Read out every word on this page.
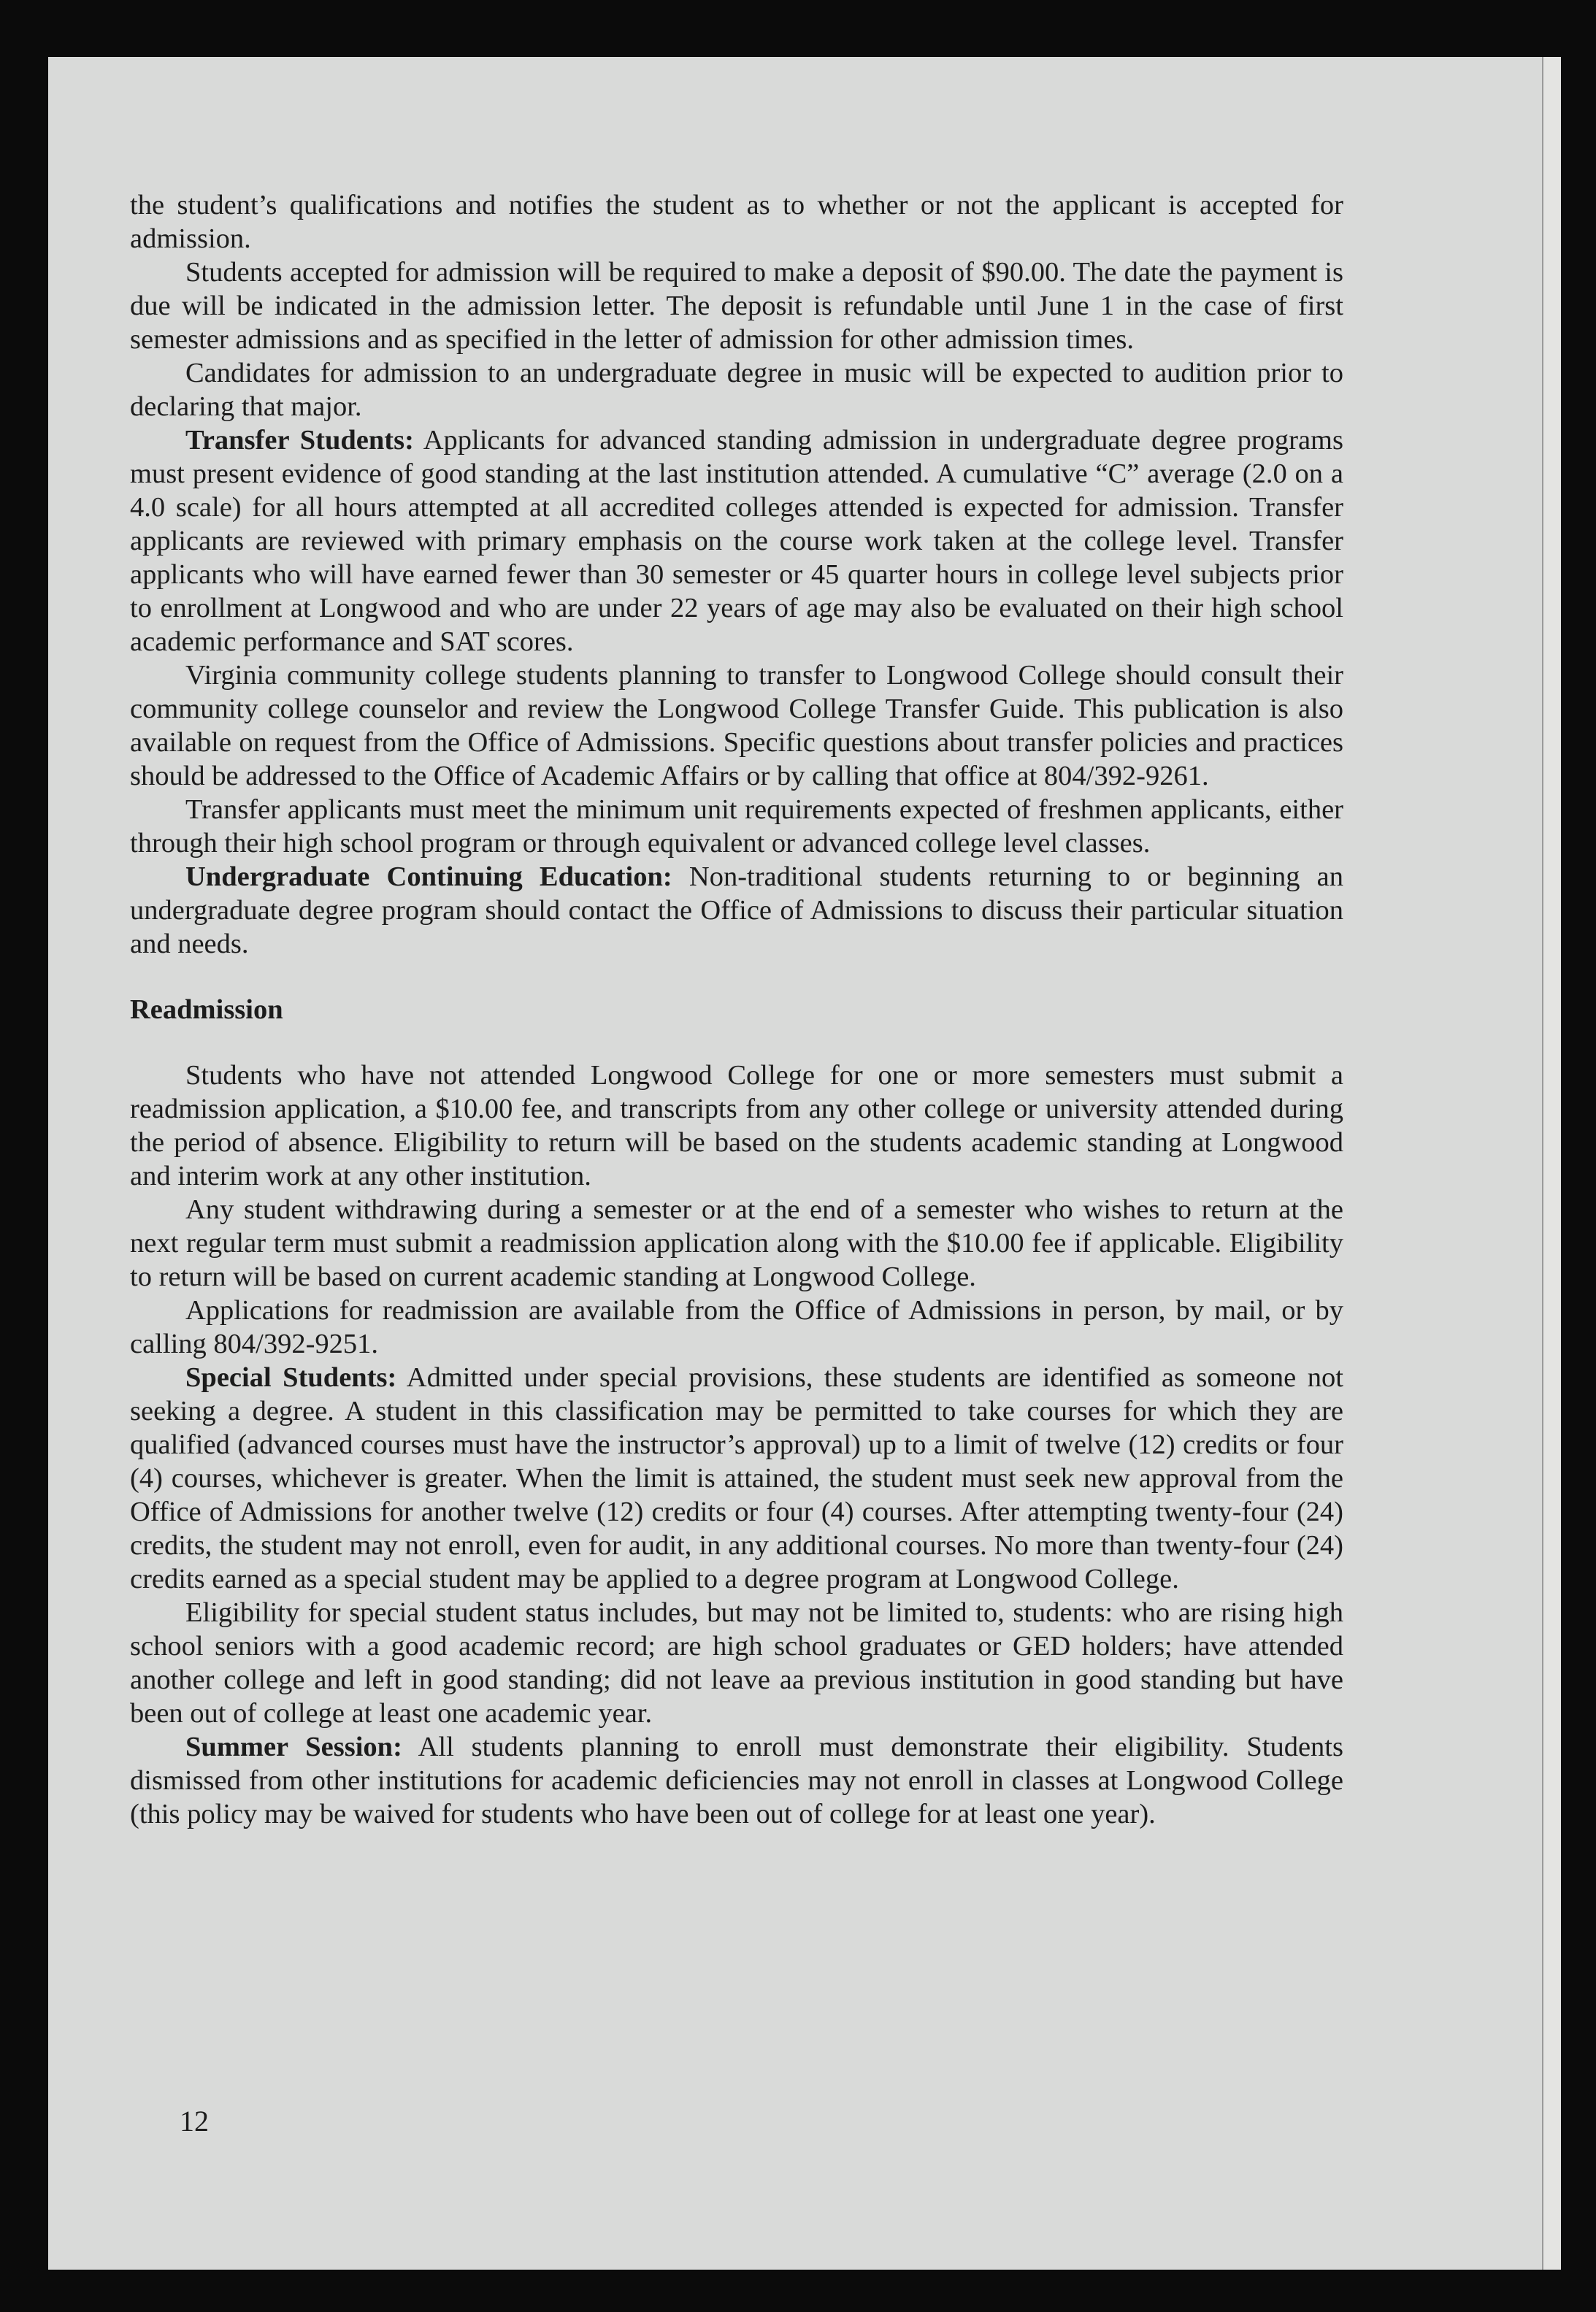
the student’s qualifications and notifies the student as to whether or not the applicant is accepted for admission.

Students accepted for admission will be required to make a deposit of $90.00. The date the payment is due will be indicated in the admission letter. The deposit is refundable until June 1 in the case of first semester admissions and as specified in the letter of admission for other admission times.

Candidates for admission to an undergraduate degree in music will be expected to audition prior to declaring that major.

Transfer Students: Applicants for advanced standing admission in undergraduate degree programs must present evidence of good standing at the last institution attended. A cumulative “C” average (2.0 on a 4.0 scale) for all hours attempted at all accredited colleges attended is expected for admission. Transfer applicants are reviewed with primary emphasis on the course work taken at the college level. Transfer applicants who will have earned fewer than 30 semester or 45 quarter hours in college level subjects prior to enrollment at Longwood and who are under 22 years of age may also be evaluated on their high school academic performance and SAT scores.

Virginia community college students planning to transfer to Longwood College should consult their community college counselor and review the Longwood College Transfer Guide. This publication is also available on request from the Office of Admissions. Specific questions about transfer policies and practices should be addressed to the Office of Academic Affairs or by calling that office at 804/392-9261.

Transfer applicants must meet the minimum unit requirements expected of freshmen applicants, either through their high school program or through equivalent or advanced college level classes.

Undergraduate Continuing Education: Non-traditional students returning to or beginning an undergraduate degree program should contact the Office of Admissions to discuss their particular situation and needs.

Readmission

Students who have not attended Longwood College for one or more semesters must submit a readmission application, a $10.00 fee, and transcripts from any other college or university attended during the period of absence. Eligibility to return will be based on the students academic standing at Longwood and interim work at any other institution.

Any student withdrawing during a semester or at the end of a semester who wishes to return at the next regular term must submit a readmission application along with the $10.00 fee if applicable. Eligibility to return will be based on current academic standing at Longwood College.

Applications for readmission are available from the Office of Admissions in person, by mail, or by calling 804/392-9251.

Special Students: Admitted under special provisions, these students are identified as someone not seeking a degree. A student in this classification may be permitted to take courses for which they are qualified (advanced courses must have the instructor’s approval) up to a limit of twelve (12) credits or four (4) courses, whichever is greater. When the limit is attained, the student must seek new approval from the Office of Admissions for another twelve (12) credits or four (4) courses. After attempting twenty-four (24) credits, the student may not enroll, even for audit, in any additional courses. No more than twenty-four (24) credits earned as a special student may be applied to a degree program at Longwood College.

Eligibility for special student status includes, but may not be limited to, students: who are rising high school seniors with a good academic record; are high school graduates or GED holders; have attended another college and left in good standing; did not leave aa previous institution in good standing but have been out of college at least one academic year.

Summer Session: All students planning to enroll must demonstrate their eligibility. Students dismissed from other institutions for academic deficiencies may not enroll in classes at Longwood College (this policy may be waived for students who have been out of college for at least one year).

12
